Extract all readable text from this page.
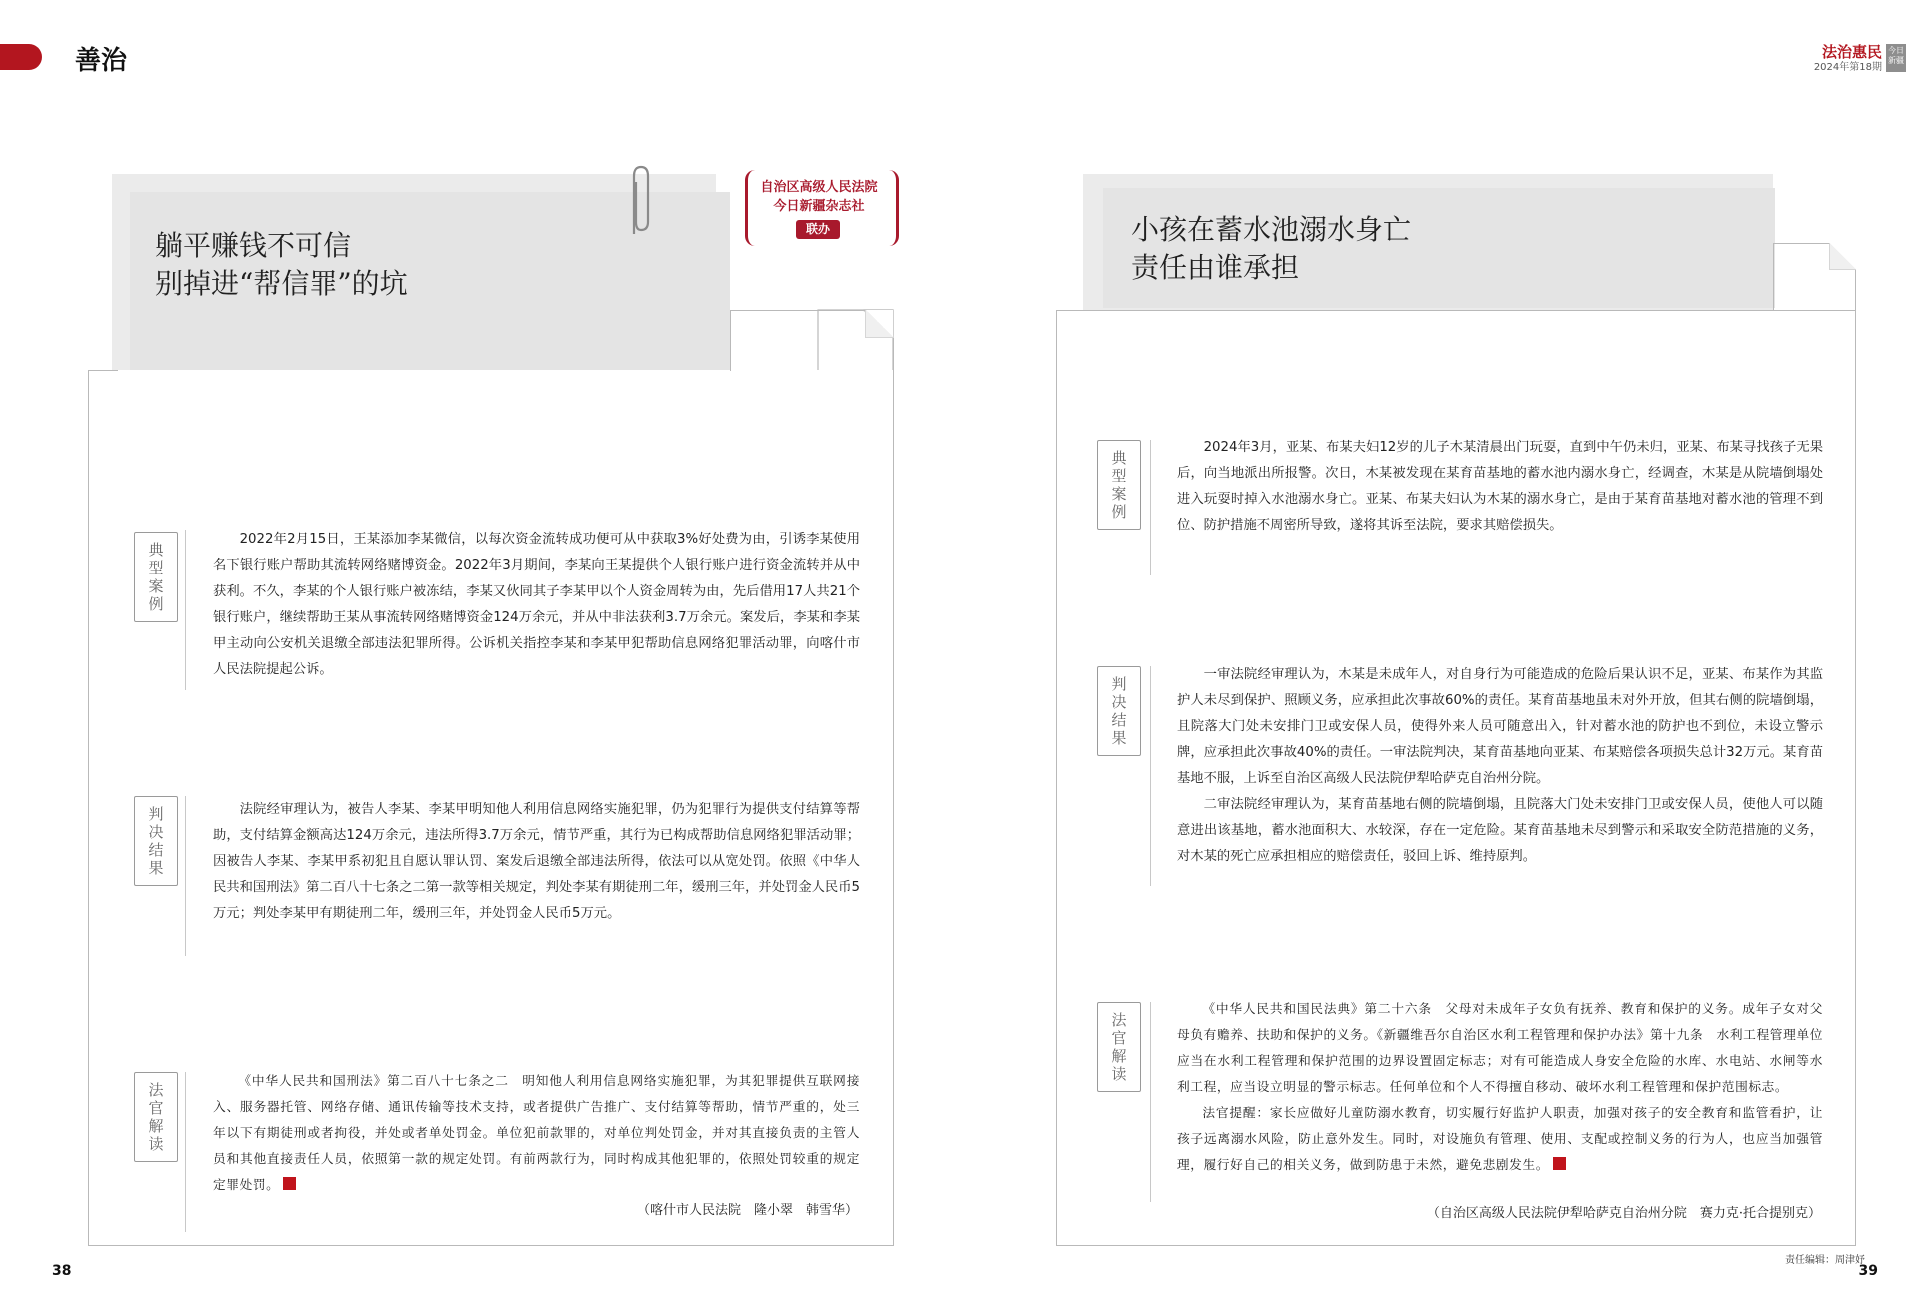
善治	法治惠民
2024年第18期
今日新疆
躺平赚钱不可信
别掉进“帮信罪”的坑
自治区高级人民法院
今日新疆杂志社
联办
典
型
案
例

2022年2月15日，王某添加李某微信，以每次资金流转成功便可从中获取3%好处费为由，引诱李某使用名下银行账户帮助其流转网络赌博资金。2022年3月期间，李某向王某提供个人银行账户进行资金流转并从中获利。不久，李某的个人银行账户被冻结，李某又伙同其子李某甲以个人资金周转为由，先后借用17人共21个银行账户，继续帮助王某从事流转网络赌博资金124万余元，并从中非法获利3.7万余元。案发后，李某和李某甲主动向公安机关退缴全部违法犯罪所得。公诉机关指控李某和李某甲犯帮助信息网络犯罪活动罪，向喀什市人民法院提起公诉。

判
决
结
果

法院经审理认为，被告人李某、李某甲明知他人利用信息网络实施犯罪，仍为犯罪行为提供支付结算等帮助，支付结算金额高达124万余元，违法所得3.7万余元，情节严重，其行为已构成帮助信息网络犯罪活动罪；因被告人李某、李某甲系初犯且自愿认罪认罚、案发后退缴全部违法所得，依法可以从宽处罚。依照《中华人民共和国刑法》第二百八十七条之二第一款等相关规定，判处李某有期徒刑二年，缓刑三年，并处罚金人民币5万元；判处李某甲有期徒刑二年，缓刑三年，并处罚金人民币5万元。

法
官
解
读

《中华人民共和国刑法》第二百八十七条之二　明知他人利用信息网络实施犯罪，为其犯罪提供互联网接入、服务器托管、网络存储、通讯传输等技术支持，或者提供广告推广、支付结算等帮助，情节严重的，处三年以下有期徒刑或者拘役，并处或者单处罚金。单位犯前款罪的，对单位判处罚金，并对其直接负责的主管人员和其他直接责任人员，依照第一款的规定处罚。有前两款行为，同时构成其他犯罪的，依照处罚较重的规定定罪处罚。

（喀什市人民法院　隆小翠　韩雪华）
38
小孩在蓄水池溺水身亡
责任由谁承担
典
型
案
例

2024年3月，亚某、布某夫妇12岁的儿子木某清晨出门玩耍，直到中午仍未归，亚某、布某寻找孩子无果后，向当地派出所报警。次日，木某被发现在某育苗基地的蓄水池内溺水身亡，经调查，木某是从院墙倒塌处进入玩耍时掉入水池溺水身亡。亚某、布某夫妇认为木某的溺水身亡，是由于某育苗基地对蓄水池的管理不到位、防护措施不周密所导致，遂将其诉至法院，要求其赔偿损失。

判
决
结
果

一审法院经审理认为，木某是未成年人，对自身行为可能造成的危险后果认识不足，亚某、布某作为其监护人未尽到保护、照顾义务，应承担此次事故60%的责任。某育苗基地虽未对外开放，但其右侧的院墙倒塌，且院落大门处未安排门卫或安保人员，使得外来人员可随意出入，针对蓄水池的防护也不到位，未设立警示牌，应承担此次事故40%的责任。一审法院判决，某育苗基地向亚某、布某赔偿各项损失总计32万元。某育苗基地不服，上诉至自治区高级人民法院伊犁哈萨克自治州分院。

二审法院经审理认为，某育苗基地右侧的院墙倒塌，且院落大门处未安排门卫或安保人员，使他人可以随意进出该基地，蓄水池面积大、水较深，存在一定危险。某育苗基地未尽到警示和采取安全防范措施的义务，对木某的死亡应承担相应的赔偿责任，驳回上诉、维持原判。

法
官
解
读

《中华人民共和国民法典》第二十六条　父母对未成年子女负有抚养、教育和保护的义务。成年子女对父母负有赡养、扶助和保护的义务。《新疆维吾尔自治区水利工程管理和保护办法》第十九条　水利工程管理单位应当在水利工程管理和保护范围的边界设置固定标志；对有可能造成人身安全危险的水库、水电站、水闸等水利工程，应当设立明显的警示标志。任何单位和个人不得擅自移动、破坏水利工程管理和保护范围标志。

法官提醒：家长应做好儿童防溺水教育，切实履行好监护人职责，加强对孩子的安全教育和监管看护，让孩子远离溺水风险，防止意外发生。同时，对设施负有管理、使用、支配或控制义务的行为人，也应当加强管理，履行好自己的相关义务，做到防患于未然，避免悲剧发生。

（自治区高级人民法院伊犁哈萨克自治州分院　赛力克·托合提别克）
责任编辑：周津妤
39
